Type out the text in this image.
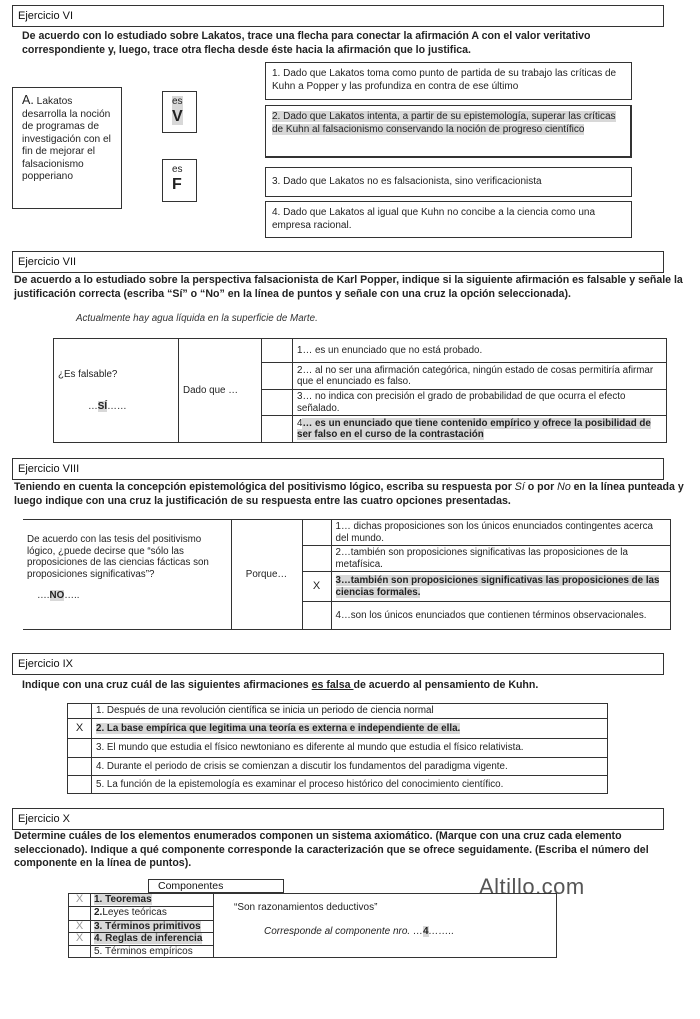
Ejercicio VI
De acuerdo con lo estudiado sobre Lakatos, trace una flecha para conectar la afirmación A con el valor veritativo correspondiente y, luego, trace otra flecha desde éste hacia la afirmación que lo justifica.
A. Lakatos desarrolla la noción de programas de investigación con el fin de mejorar el falsacionismo popperiano
es
V
es
F
1. Dado que Lakatos toma como punto de partida de su trabajo las críticas de Kuhn a Popper y las profundiza en contra de ese último
2. Dado que Lakatos intenta, a partir de su epistemología, superar las críticas de Kuhn al falsacionismo conservando la noción de progreso científico
3. Dado que Lakatos no es falsacionista, sino verificacionista
4. Dado que Lakatos al igual que Kuhn no concibe a la ciencia como una empresa racional.
Ejercicio VII
De acuerdo a lo estudiado sobre la perspectiva falsacionista de Karl Popper, indique si la siguiente afirmación es falsable y señale la justificación correcta (escriba “Sí” o “No” en la línea de puntos y señale con una cruz la opción seleccionada).
Actualmente hay agua líquida en la superficie de Marte.
¿Es falsable?
…SÍ……	Dado que …		1… es un enunciado que no está probado.
			2… al no ser una afirmación categórica, ningún estado de cosas permitiría afirmar que el enunciado es falso.
			3… no indica con precisión el grado de probabilidad de que ocurra el efecto señalado.
			4… es un enunciado que tiene contenido empírico y ofrece la posibilidad de ser falso en el curso de la contrastación
Ejercicio VIII
Teniendo en cuenta la concepción epistemológica del positivismo lógico, escriba su respuesta por Sí o por No en la línea punteada y luego indique con una cruz la justificación de su respuesta entre las cuatro opciones presentadas.
De acuerdo con las tesis del positivismo lógico, ¿puede decirse que “sólo las proposiciones de las ciencias fácticas son proposiciones significativas”?
….NO…..	Porque…		1… dichas proposiciones son los únicos enunciados contingentes acerca del mundo.
			2…también son proposiciones significativas las proposiciones de la metafísica.
		X	3…también son proposiciones significativas las proposiciones de las ciencias formales.
			4…son los únicos enunciados que contienen términos observacionales.
Ejercicio IX
Indique con una cruz cuál de las siguientes afirmaciones es falsa de acuerdo al pensamiento de Kuhn.
	1. Después de una revolución científica se inicia un periodo de ciencia normal
X	2. La base empírica que legitima una teoría es externa e independiente de ella.
	3. El mundo que estudia el físico newtoniano es diferente al mundo que estudia el físico relativista.
	4. Durante el periodo de crisis se comienzan a discutir los fundamentos del paradigma vigente.
	5. La función de la epistemología es examinar el proceso histórico del conocimiento científico.
Ejercicio X
Determine cuáles de los elementos enumerados componen un sistema axiomático. (Marque con una cruz cada elemento seleccionado). Indique a qué componente corresponde la caracterización que se ofrece seguidamente. (Escriba el número del componente en la línea de puntos).
Altillo.com
Componentes
X	1. Teoremas	“Son razonamientos deductivos”
Corresponde al componente nro. …4……..

	2.Leyes teóricas	
X	3. Términos primitivos	
X	4. Reglas de inferencia	
	5. Términos empíricos	
